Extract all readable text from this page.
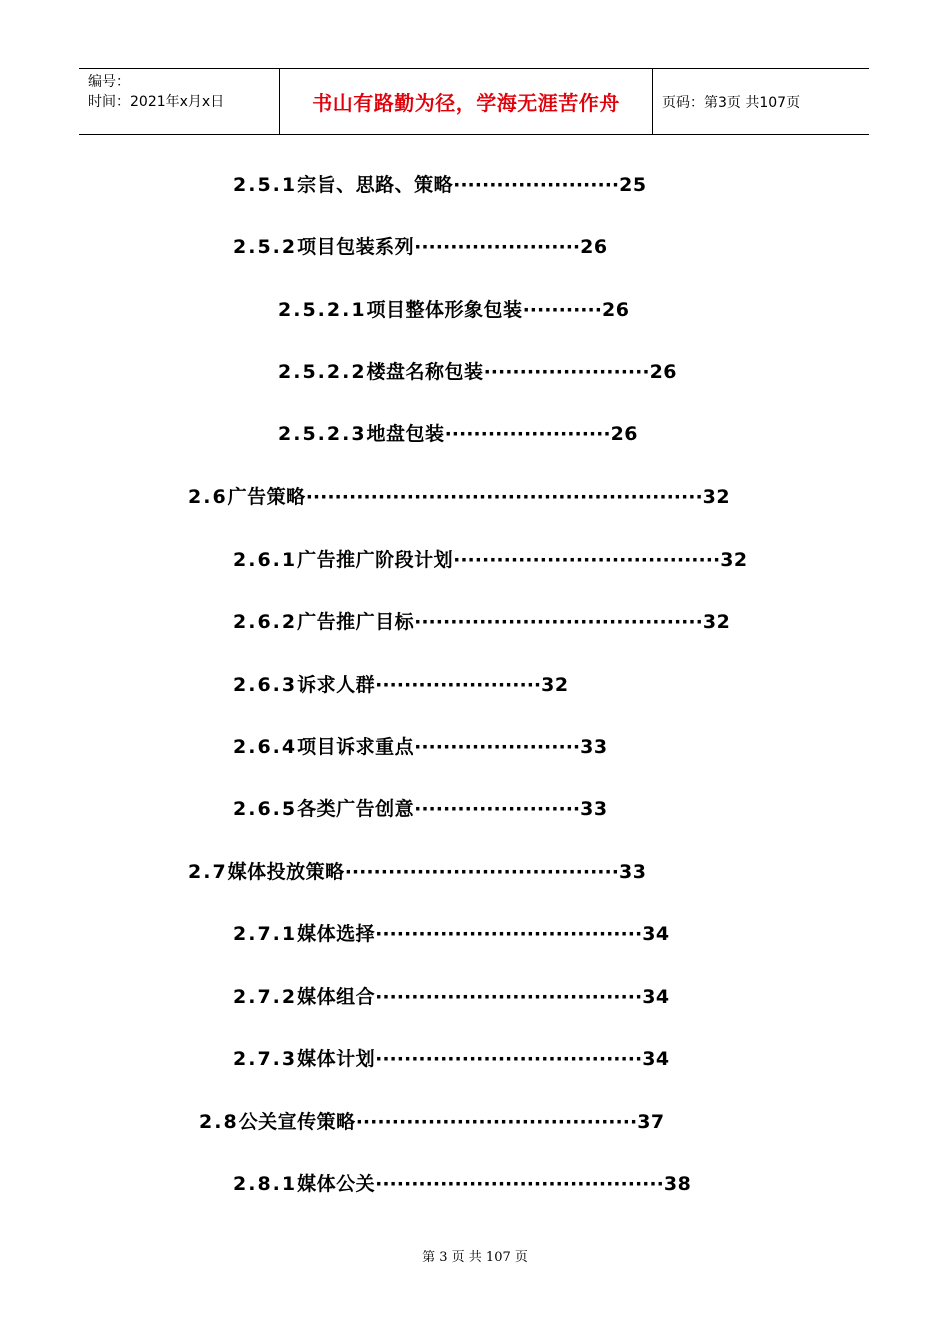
编号：
时间：2021年x月x日	书山有路勤为径，学海无涯苦作舟	页码：第3页 共107页
2.5.1宗旨、思路、策略·······················25
2.5.2项目包装系列·······················26
2.5.2.1项目整体形象包装···········26
2.5.2.2楼盘名称包装·······················26
2.5.2.3地盘包装·······················26
2.6广告策略·······················································32
2.6.1广告推广阶段计划·····································32
2.6.2广告推广目标········································32
2.6.3诉求人群·······················32
2.6.4项目诉求重点·······················33
2.6.5各类广告创意·······················33
2.7媒体投放策略······································33
2.7.1媒体选择·····································34
2.7.2媒体组合·····································34
2.7.3媒体计划·····································34
2.8公关宣传策略·······································37
2.8.1媒体公关········································38
第 3 页 共 107 页
